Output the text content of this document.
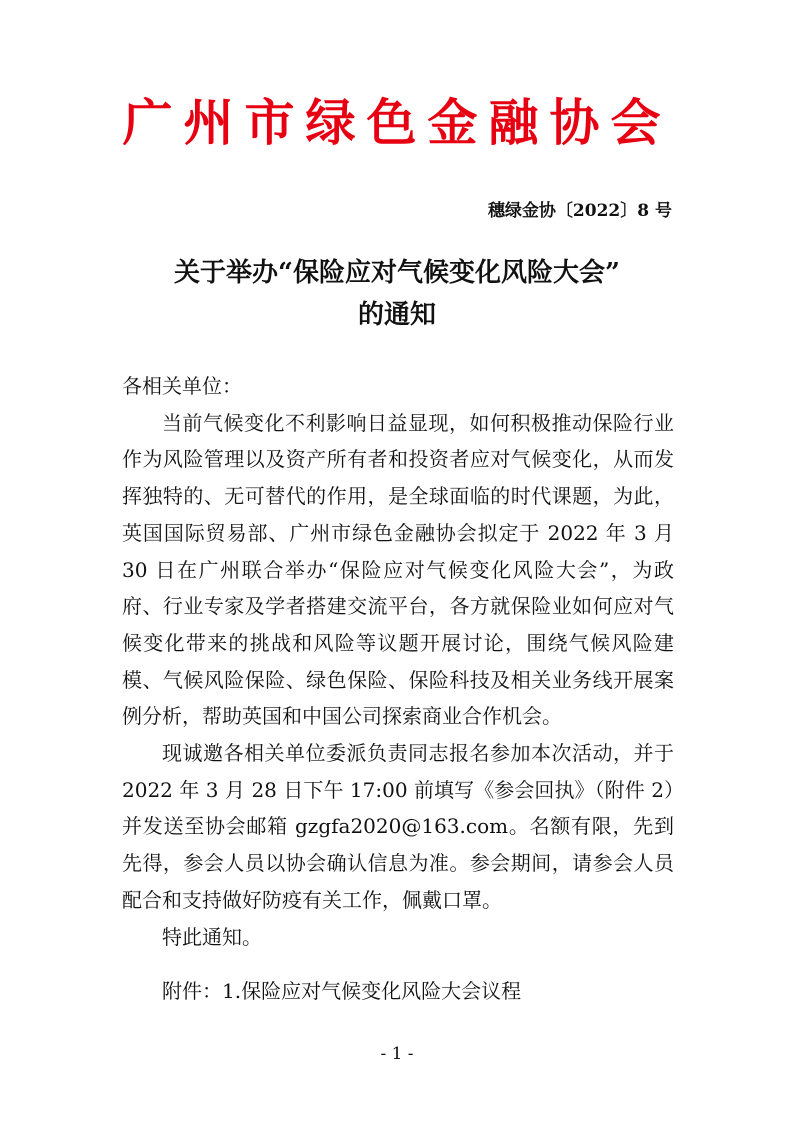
广州市绿色金融协会
穗绿金协〔2022〕8 号
关于举办“保险应对气候变化风险大会”
的通知

各相关单位：

当前气候变化不利影响日益显现，如何积极推动保险行业作为风险管理以及资产所有者和投资者应对气候变化，从而发挥独特的、无可替代的作用，是全球面临的时代课题，为此，英国国际贸易部、广州市绿色金融协会拟定于 2022 年 3 月 30 日在广州联合举办“保险应对气候变化风险大会”，为政府、行业专家及学者搭建交流平台，各方就保险业如何应对气候变化带来的挑战和风险等议题开展讨论，围绕气候风险建模、气候风险保险、绿色保险、保险科技及相关业务线开展案例分析，帮助英国和中国公司探索商业合作机会。

现诚邀各相关单位委派负责同志报名参加本次活动，并于 2022 年 3 月 28 日下午 17:00 前填写《参会回执》（附件 2）并发送至协会邮箱 gzgfa2020@163.com。名额有限，先到先得，参会人员以协会确认信息为准。参会期间，请参会人员配合和支持做好防疫有关工作，佩戴口罩。

特此通知。

附件：1.保险应对气候变化风险大会议程

- 1 -
